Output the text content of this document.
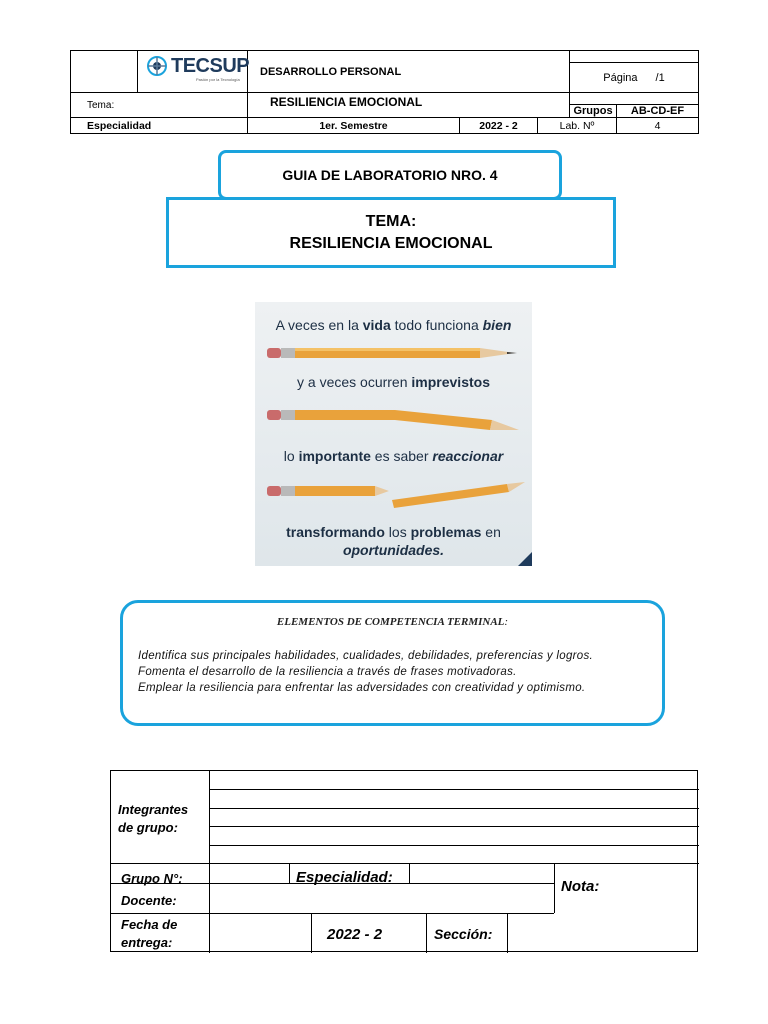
	TECSUP
Pasión por la Tecnología	DESARROLLO PERSONAL				

					Página /1	

Tema:		RESILIENCIA EMOCIONAL				
					Grupos	AB-CD-EF
Especialidad		1er. Semestre	2022 - 2	Lab. Nº		4
GUIA DE LABORATORIO NRO. 4
TEMA:
RESILIENCIA EMOCIONAL
A veces en la vida todo funciona bien
y a veces ocurren imprevistos
lo importante es saber reaccionar
transformando los problemas en
oportunidades.
ELEMENTOS DE COMPETENCIA TERMINAL:
Identifica sus principales habilidades, cualidades, debilidades, preferencias y logros.
Fomenta el desarrollo de la resiliencia a través de frases motivadoras.
Emplear la resiliencia para enfrentar las adversidades con creatividad y optimismo.
Integrantes
de grupo:
Grupo N°:	Especialidad:
Nota:
Docente:
Fecha de
entrega:	2022 - 2	Sección:
